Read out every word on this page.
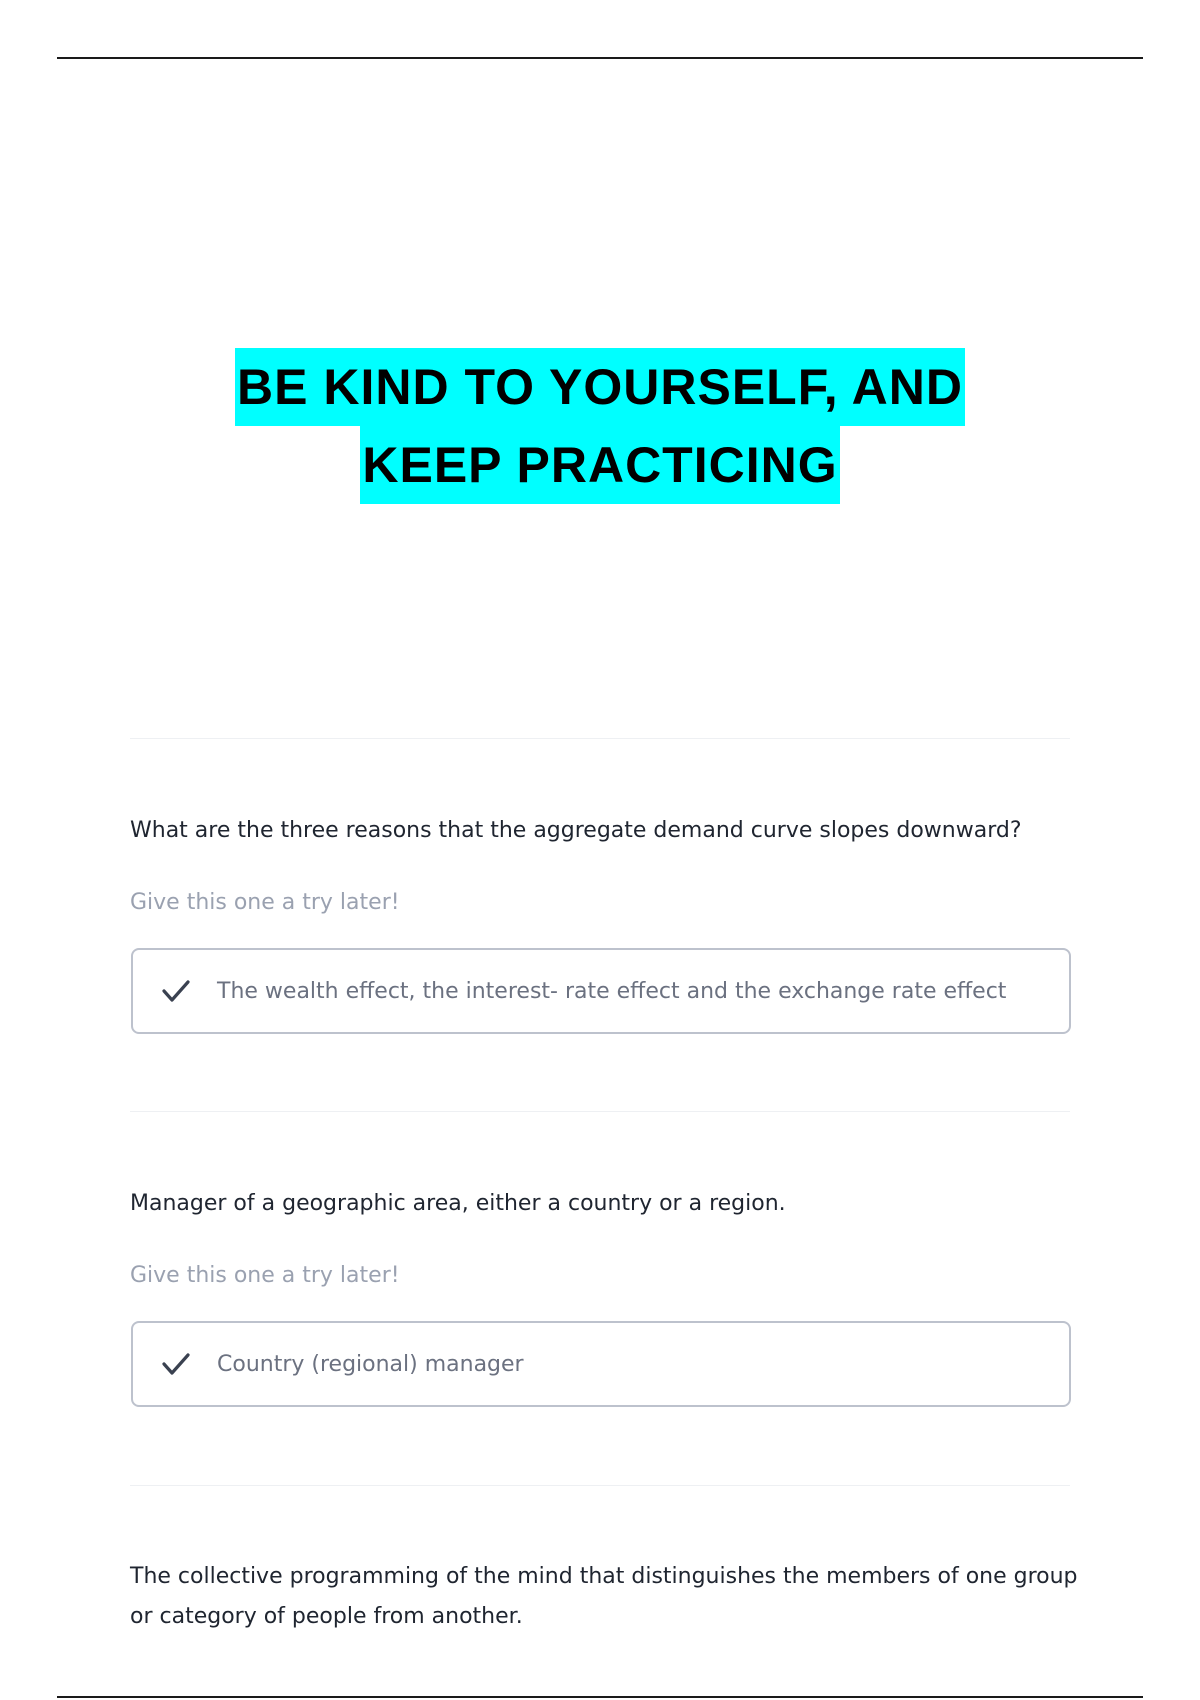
BE KIND TO YOURSELF, AND
KEEP PRACTICING
What are the three reasons that the aggregate demand curve slopes downward?
Give this one a try later!
The wealth effect, the interest- rate effect and the exchange rate effect
Manager of a geographic area, either a country or a region.
Give this one a try later!
Country (regional) manager
The collective programming of the mind that distinguishes the members of one group or category of people from another.
